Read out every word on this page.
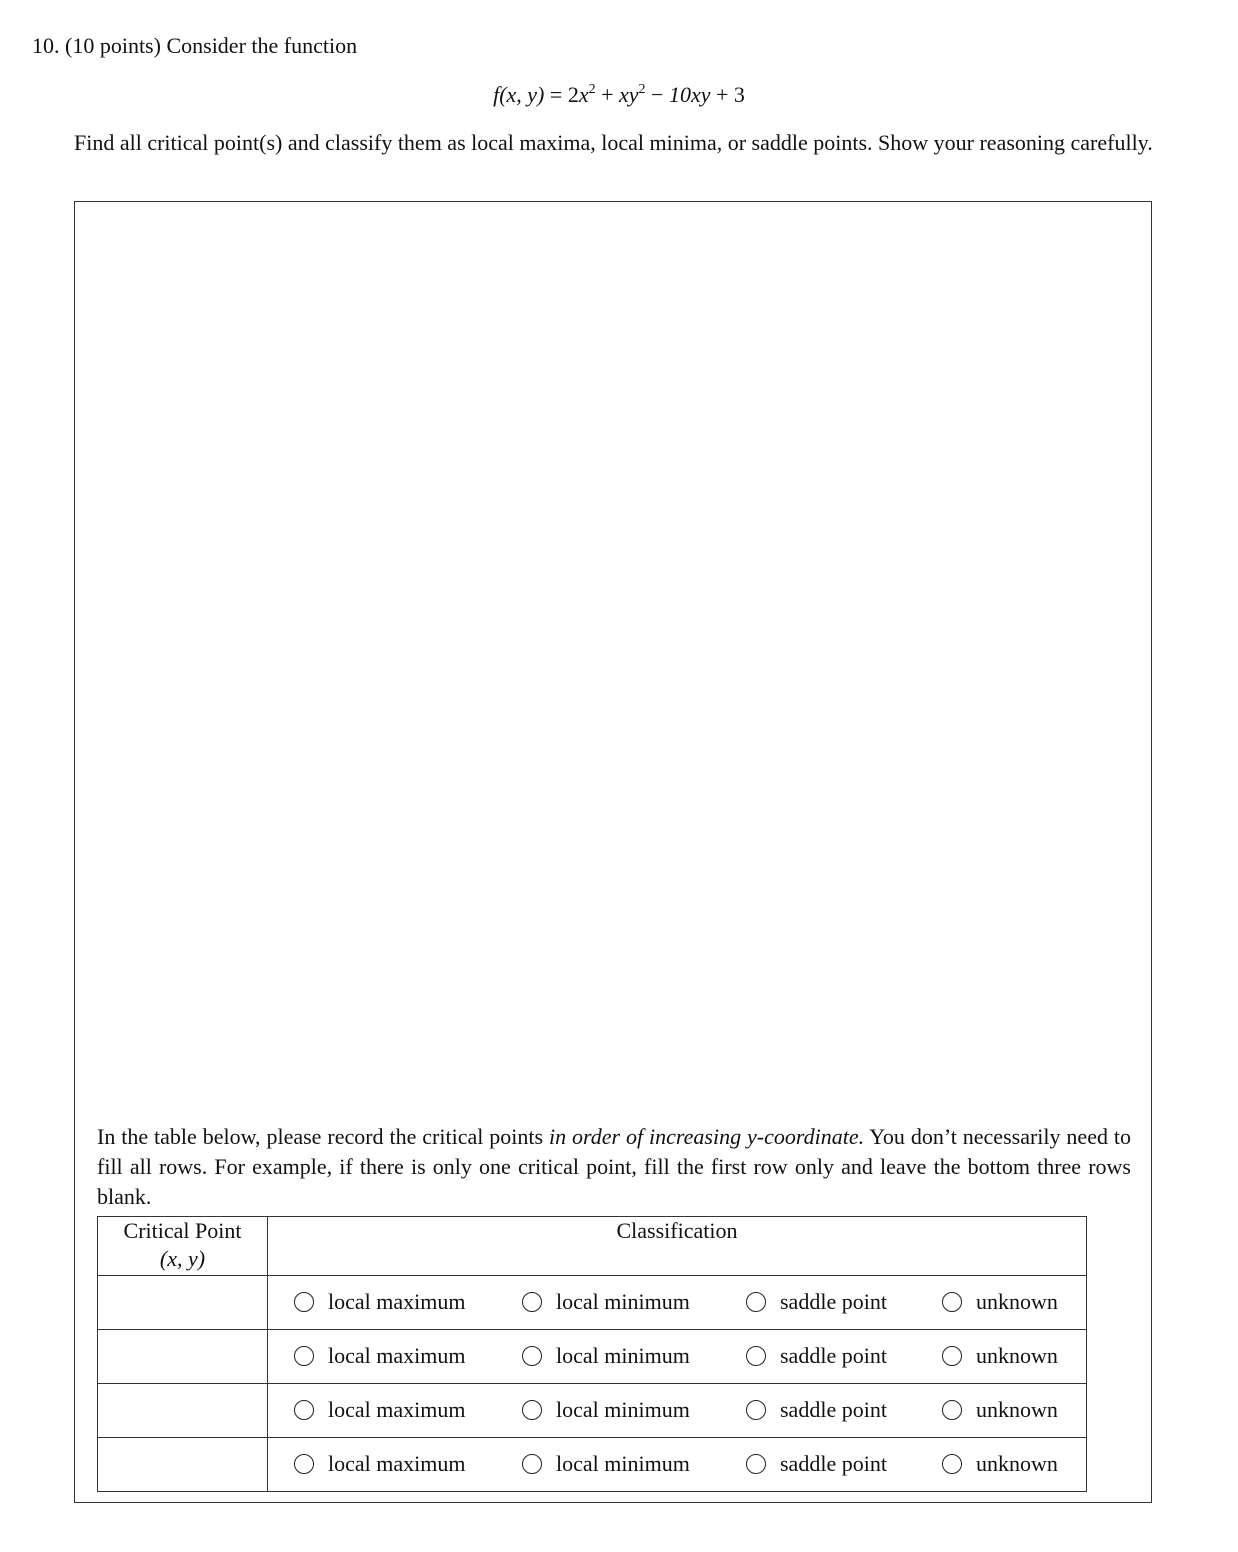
10. (10 points) Consider the function
f(x, $y) = 2x^2 + xy^2 - 10xy + 3$
Find all critical point(s) and classify them as local maxima, local minima, or saddle points. Show your reasoning carefully.
In the table below, please record the critical points in order of increasing y-coordinate. You don’t necessarily need to fill all rows. For example, if there is only one critical point, fill the first row only and leave the bottom three rows blank.
Critical Point
(x, y)	Classification

	local maximum local minimum saddle point unknown

	local maximum local minimum saddle point unknown

	local maximum local minimum saddle point unknown

	local maximum local minimum saddle point unknown
